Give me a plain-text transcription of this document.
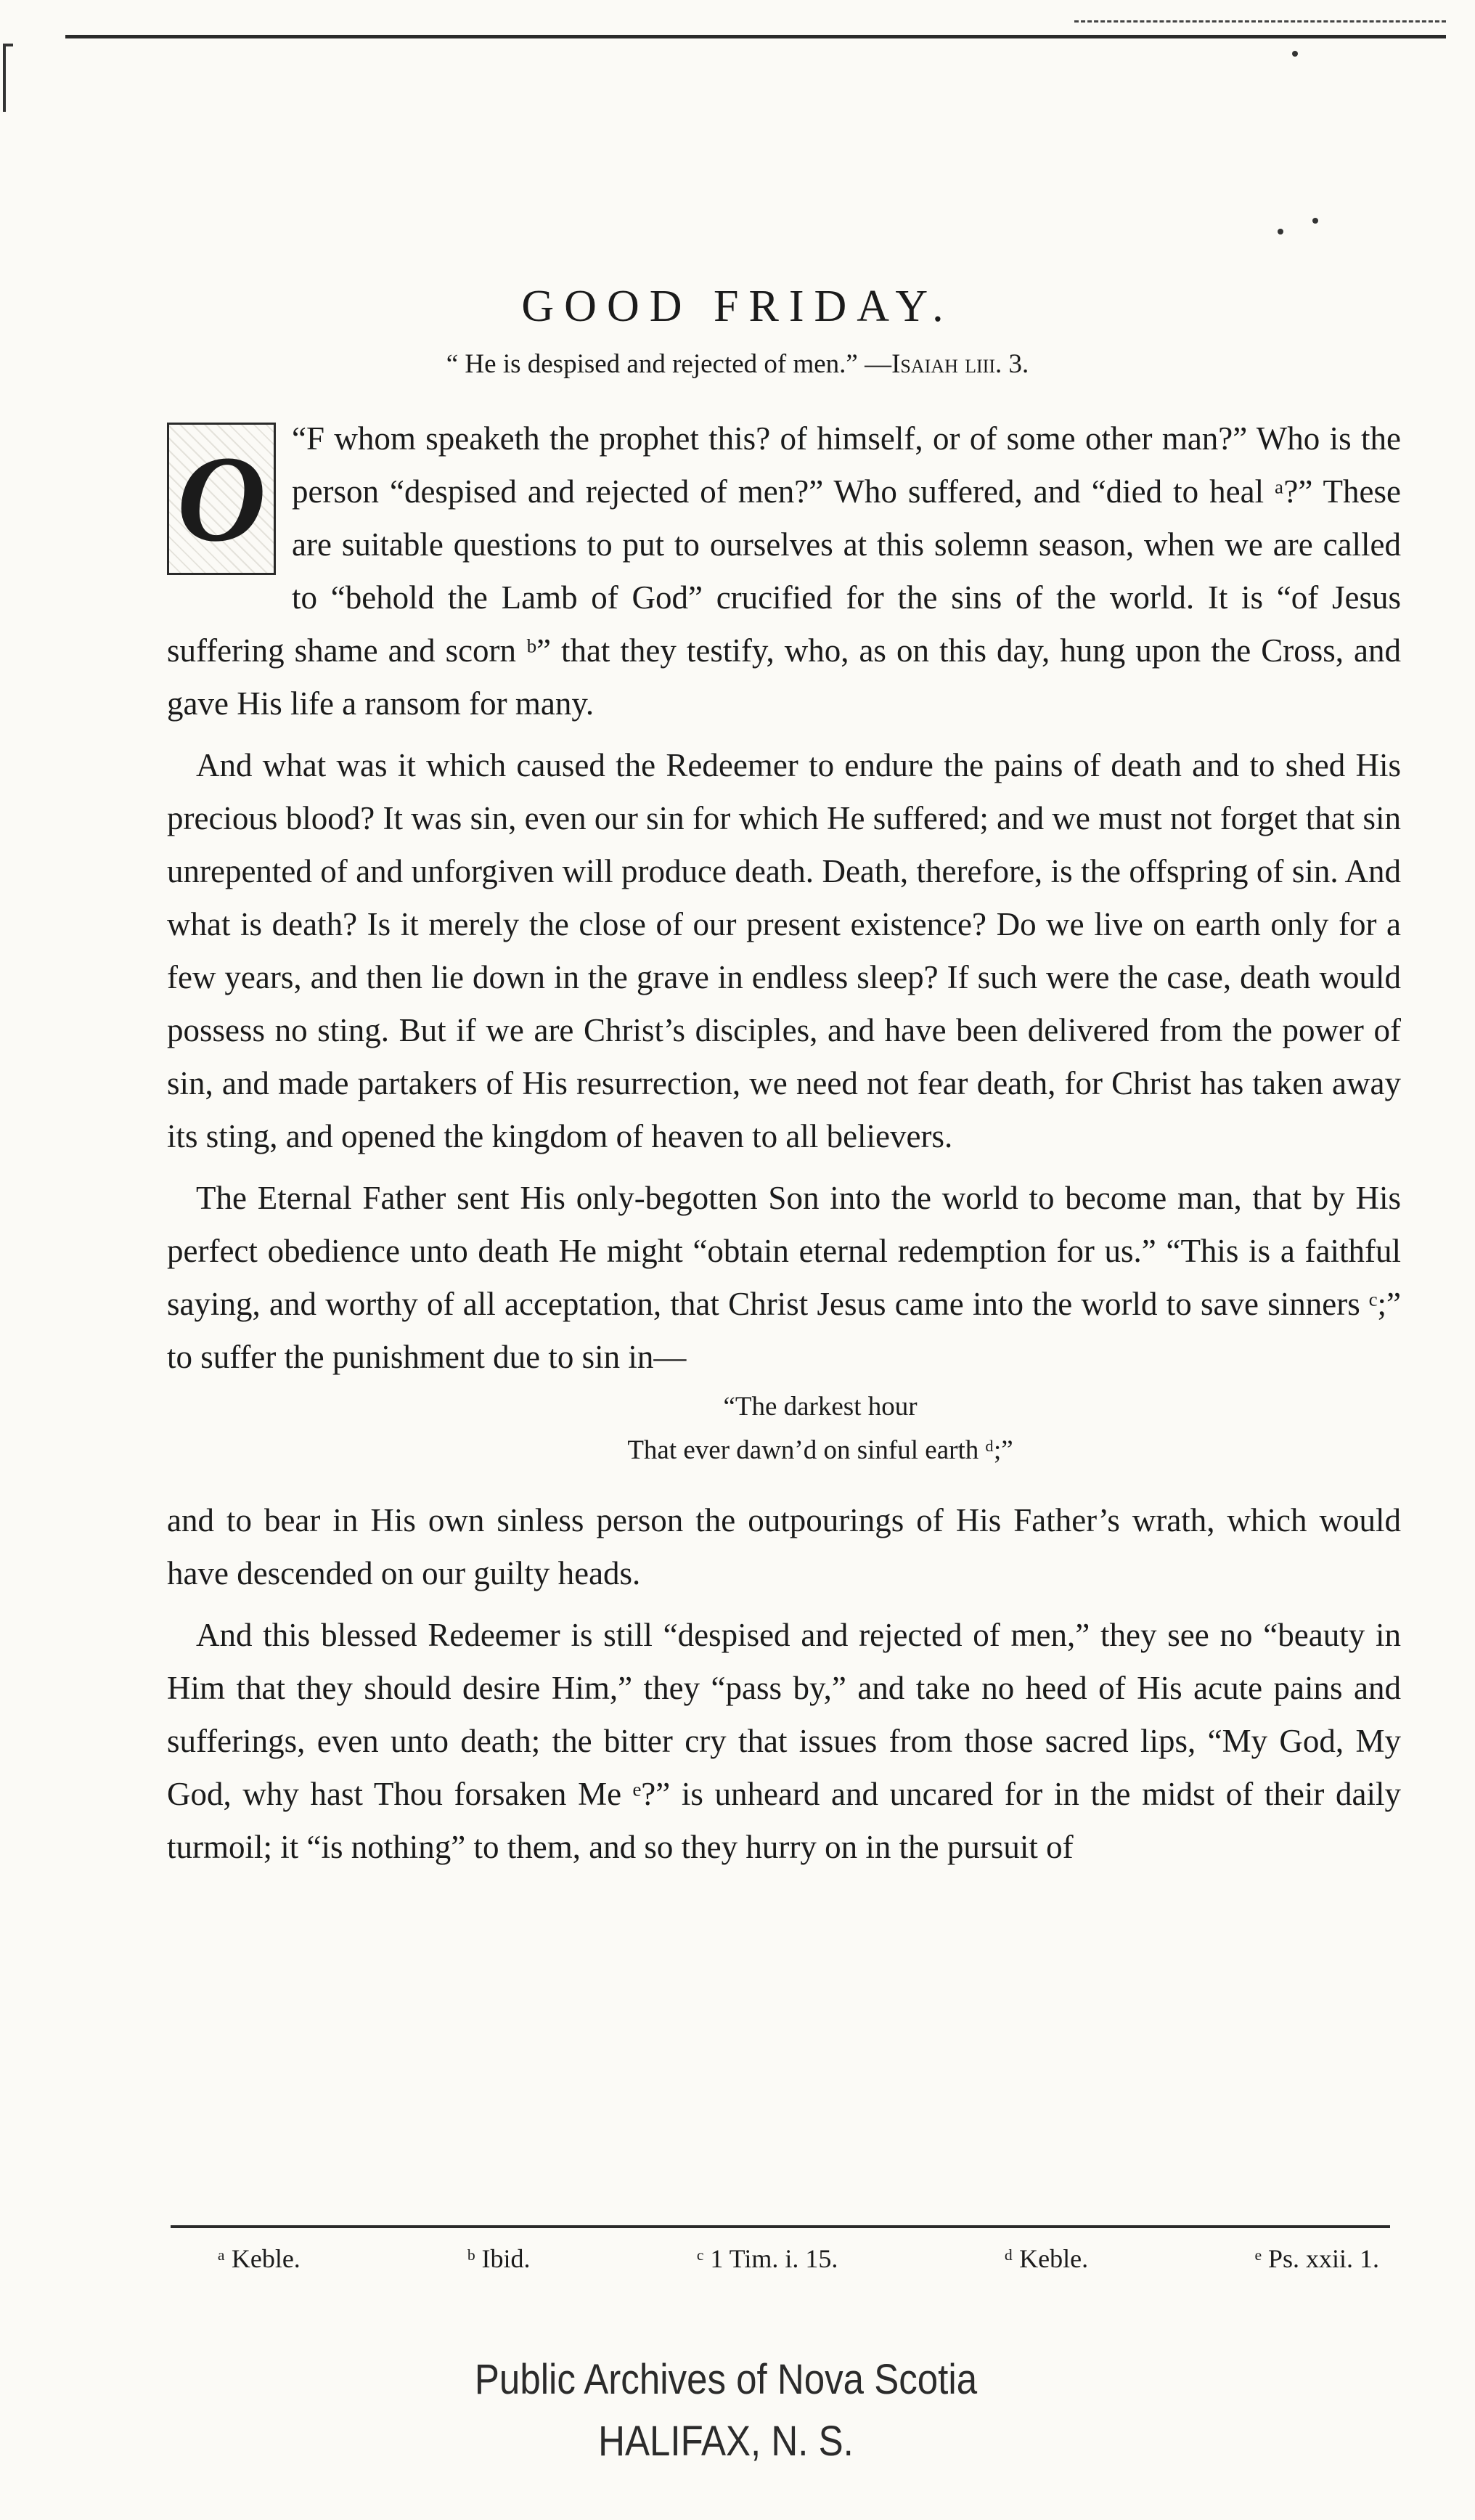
GOOD FRIDAY.
“ He is despised and rejected of men.” —Isaiah liii. 3.

O “F whom speaketh the prophet this? of himself, or of some other man?” Who is the person “despised and rejected of men?” Who suffered, and “died to heal ᵃ?” These are suitable questions to put to ourselves at this solemn season, when we are called to “behold the Lamb of God” crucified for the sins of the world. It is “of Jesus suffering shame and scorn ᵇ” that they testify, who, as on this day, hung upon the Cross, and gave His life a ransom for many.

And what was it which caused the Redeemer to endure the pains of death and to shed His precious blood? It was sin, even our sin for which He suffered; and we must not forget that sin unrepented of and unforgiven will produce death. Death, therefore, is the offspring of sin. And what is death? Is it merely the close of our present existence? Do we live on earth only for a few years, and then lie down in the grave in endless sleep? If such were the case, death would possess no sting. But if we are Christ’s disciples, and have been delivered from the power of sin, and made partakers of His resurrection, we need not fear death, for Christ has taken away its sting, and opened the kingdom of heaven to all believers.

The Eternal Father sent His only-begotten Son into the world to become man, that by His perfect obedience unto death He might “obtain eternal redemption for us.” “This is a faithful saying, and worthy of all acceptation, that Christ Jesus came into the world to save sinners ᶜ;” to suffer the punishment due to sin in—

“The darkest hour
That ever dawn’d on sinful earth ᵈ;”

and to bear in His own sinless person the outpourings of His Father’s wrath, which would have descended on our guilty heads.

And this blessed Redeemer is still “despised and rejected of men,” they see no “beauty in Him that they should desire Him,” they “pass by,” and take no heed of His acute pains and sufferings, even unto death; the bitter cry that issues from those sacred lips, “My God, My God, why hast Thou forsaken Me ᵉ?” is unheard and uncared for in the midst of their daily turmoil; it “is nothing” to them, and so they hurry on in the pursuit of

ᵃ Keble.	ᵇ Ibid.	ᶜ 1 Tim. i. 15.	ᵈ Keble.	ᵉ Ps. xxii. 1.
Public Archives of Nova Scotia
HALIFAX, N. S.
